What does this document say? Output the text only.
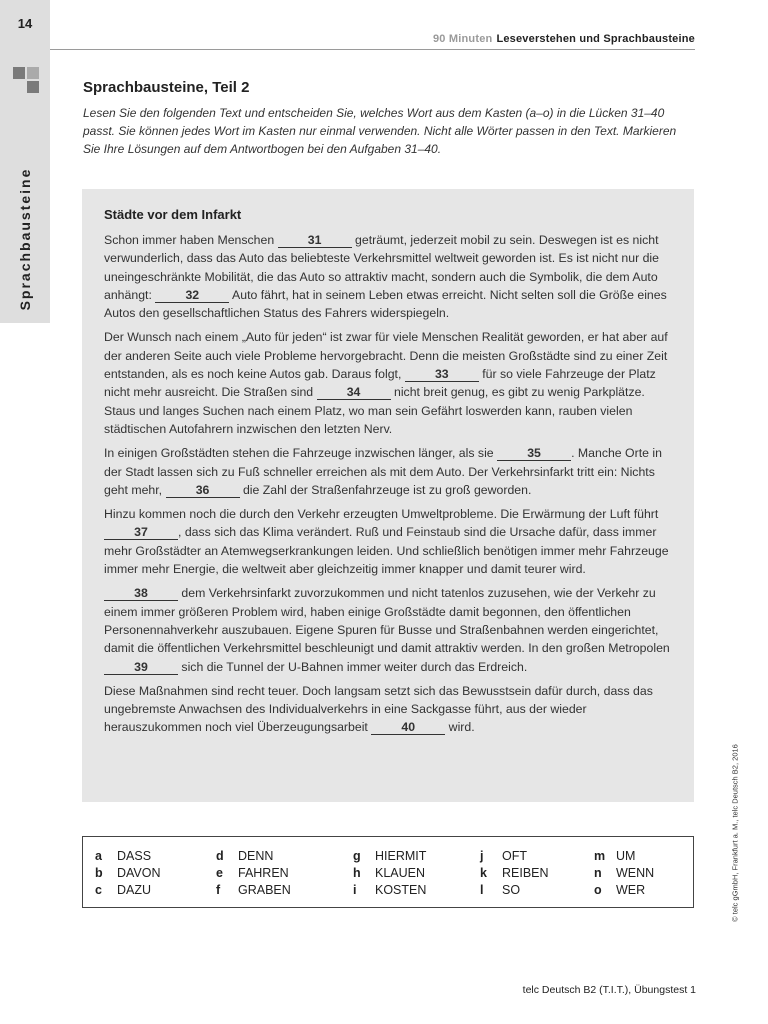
14
Sprachbausteine
90 Minuten Leseverstehen und Sprachbausteine
Sprachbausteine, Teil 2
Lesen Sie den folgenden Text und entscheiden Sie, welches Wort aus dem Kasten (a–o) in die Lücken 31–40 passt. Sie können jedes Wort im Kasten nur einmal verwenden. Nicht alle Wörter passen in den Text. Markieren Sie Ihre Lösungen auf dem Antwortbogen bei den Aufgaben 31–40.
Städte vor dem Infarkt

Schon immer haben Menschen 31 geträumt, jederzeit mobil zu sein. Deswegen ist es nicht verwunderlich, dass das Auto das beliebteste Verkehrsmittel weltweit geworden ist. Es ist nicht nur die uneingeschränkte Mobilität, die das Auto so attraktiv macht, sondern auch die Symbolik, die dem Auto anhängt: 32 Auto fährt, hat in seinem Leben etwas erreicht. Nicht selten soll die Größe eines Autos den gesellschaftlichen Status des Fahrers widerspiegeln.

Der Wunsch nach einem „Auto für jeden“ ist zwar für viele Menschen Realität geworden, er hat aber auf der anderen Seite auch viele Probleme hervorgebracht. Denn die meisten Großstädte sind zu einer Zeit entstanden, als es noch keine Autos gab. Daraus folgt, 33 für so viele Fahrzeuge der Platz nicht mehr ausreicht. Die Straßen sind 34 nicht breit genug, es gibt zu wenig Parkplätze. Staus und langes Suchen nach einem Platz, wo man sein Gefährt loswerden kann, rauben vielen städtischen Autofahrern inzwischen den letzten Nerv.

In einigen Großstädten stehen die Fahrzeuge inzwischen länger, als sie 35 . Manche Orte in der Stadt lassen sich zu Fuß schneller erreichen als mit dem Auto. Der Verkehrsinfarkt tritt ein: Nichts geht mehr, 36 die Zahl der Straßenfahrzeuge ist zu groß geworden.

Hinzu kommen noch die durch den Verkehr erzeugten Umweltprobleme. Die Erwärmung der Luft führt 37 , dass sich das Klima verändert. Ruß und Feinstaub sind die Ursache dafür, dass immer mehr Großstädter an Atemwegserkrankungen leiden. Und schließlich benötigen immer mehr Fahrzeuge immer mehr Energie, die weltweit aber gleichzeitig immer knapper und damit teurer wird.

38 dem Verkehrsinfarkt zuvorzukommen und nicht tatenlos zuzusehen, wie der Verkehr zu einem immer größeren Problem wird, haben einige Großstädte damit begonnen, den öffentlichen Personennahverkehr auszubauen. Eigene Spuren für Busse und Straßenbahnen werden eingerichtet, damit die öffentlichen Verkehrsmittel beschleunigt und damit attraktiv werden. In den großen Metropolen 39 sich die Tunnel der U-Bahnen immer weiter durch das Erdreich.

Diese Maßnahmen sind recht teuer. Doch langsam setzt sich das Bewusstsein dafür durch, dass das ungebremste Anwachsen des Individualverkehrs in eine Sackgasse führt, aus der wieder herauszukommen noch viel Überzeugungsarbeit 40 wird.

a DASS
b DAVON
c DAZU
d DENN
e FAHREN
f GRABEN
g HIERMIT
h KLAUEN
i KOSTEN
j OFT
k REIBEN
l SO
m UM
n WENN
o WER	© telc gGmbH, Frankfurt a. M., telc Deutsch B2, 2016
telc Deutsch B2 (T.I.T.), Übungstest 1
